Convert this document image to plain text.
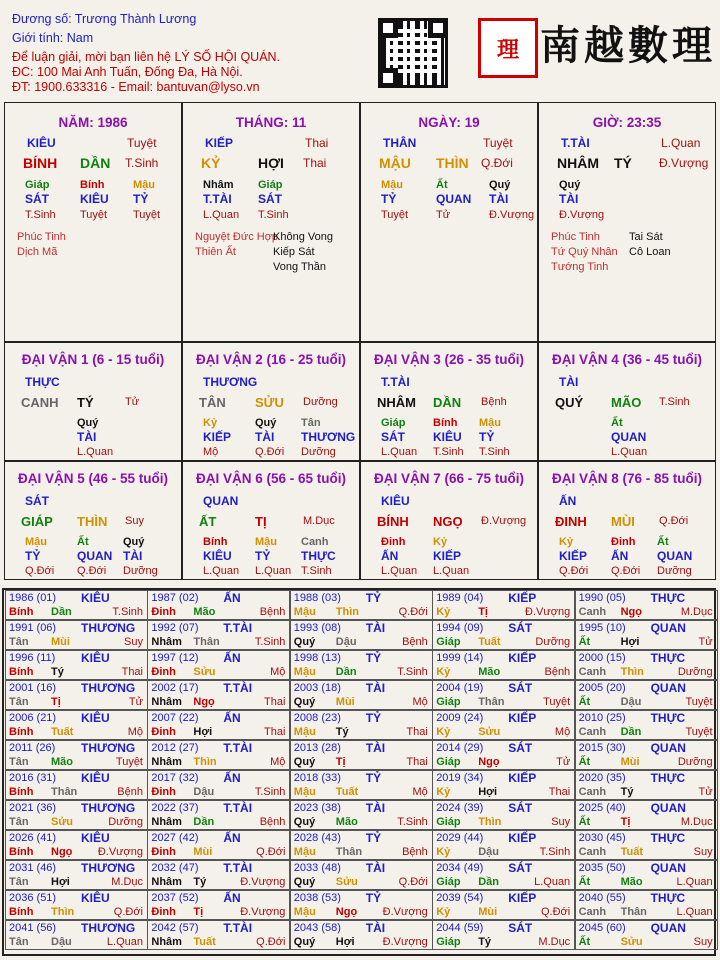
Đương số: Trương Thành Lương
Giới tính: Nam
Để luận giải, mời bạn liên hệ LÝ SỐ HỘI QUÁN.
ĐC: 100 Mai Anh Tuấn, Đống Đa, Hà Nội.
ĐT: 1900.633316 - Email: bantuvan@lyso.vn
理 南越數理
NĂM: 1986
KIÊU	Tuyệt
BÍNH DẦN T.Sinh
Giáp
SÁT
T.Sinh
Bính
KIÊU
Tuyệt
Mậu
TỶ
Tuyệt
Phúc Tinh
Dịch Mã
THÁNG: 11
KIẾP	Thai
KỶ	HỢI Thai
Nhâm
T.TÀI
L.Quan
Giáp
SÁT
T.Sinh
Nguyệt Đức Hợp
Thiên Ất
Không Vong
Kiếp Sát
Vong Thần
NGÀY: 19
THÂN	Tuyệt
MẬU THÌN Q.Đới
Mậu
TỶ
Tuyệt
Ất
QUAN
Tử
Quý
TÀI
Đ.Vượng
GIỜ: 23:35
T.TÀI	L.Quan
NHÂM TÝ Đ.Vượng
Quý
TÀI
Đ.Vượng
Phúc Tinh
Tứ Quý Nhân
Tướng Tinh
Tai Sát
Cô Loan
ĐẠI VẬN 1 (6 - 15 tuổi)
THỰC
CANH TÝ	Tử
Quý
TÀI
L.Quan
ĐẠI VẬN 2 (16 - 25 tuổi)
THƯƠNG
TÂN SỬU Dưỡng
Kỷ
KIẾP
Mộ
Quý
TÀI
Q.Đới
Tân
THƯƠNG
Dưỡng
ĐẠI VẬN 3 (26 - 35 tuổi)
T.TÀI
NHÂM DẦN Bệnh
Giáp
SÁT
L.Quan
Bính
KIÊU
T.Sinh
Mậu
TỶ
T.Sinh
ĐẠI VẬN 4 (36 - 45 tuổi)
TÀI
QUÝ MÃO T.Sinh
Ất
QUAN
L.Quan
ĐẠI VẬN 5 (46 - 55 tuổi)
SÁT
GIÁP THÌN Suy
Mậu
TỶ
Q.Đới
Ất
QUAN
Q.Đới
Quý
TÀI
Dưỡng
ĐẠI VẬN 6 (56 - 65 tuổi)
QUAN
ẤT	TỊ	M.Dục
Bính
KIÊU
L.Quan
Mậu
TỶ
L.Quan
Canh
THỰC
T.Sinh
ĐẠI VẬN 7 (66 - 75 tuổi)
KIÊU
BÍNH NGỌ Đ.Vượng
Đinh
ẤN
L.Quan
Kỷ
KIẾP
L.Quan
ĐẠI VẬN 8 (76 - 85 tuổi)
ẤN
ĐINH MÙI Q.Đới
Kỷ
KIẾP
Q.Đới
Đinh
ẤN
Q.Đới
Ất
QUAN
Dưỡng
1986 (01) KIÊU
Bính Dần	T.Sinh
1987 (02) ẤN
Đinh Mão	Bệnh
1988 (03) TỶ
Mậu Thìn	Q.Đới
1989 (04) KIẾP
Kỷ	Tị	Đ.Vượng
1990 (05) THỰC
Canh Ngọ	M.Dục
1991 (06) THƯƠNG
Tân Mùi	Suy
1992 (07) T.TÀI
Nhâm Thân	T.Sinh
1993 (08) TÀI
Quý Dậu	Bệnh
1994 (09) SÁT
Giáp Tuất	Dưỡng
1995 (10) QUAN
Ất	Hợi	Tử
1996 (11) KIÊU
Bính Tý	Thai
1997 (12) ẤN
Đinh Sửu	Mộ
1998 (13) TỶ
Mậu Dần	T.Sinh
1999 (14) KIẾP
Kỷ	Mão	Bệnh
2000 (15) THỰC
Canh Thìn	Dưỡng
2001 (16) THƯƠNG
Tân Tị	Tử
2002 (17) T.TÀI
Nhâm Ngọ	Thai
2003 (18) TÀI
Quý Mùi	Mộ
2004 (19) SÁT
Giáp Thân	Tuyệt
2005 (20) QUAN
Ất	Dậu	Tuyệt
2006 (21) KIÊU
Bính Tuất	Mộ
2007 (22) ẤN
Đinh Hợi	Thai
2008 (23) TỶ
Mậu Tý	Thai
2009 (24) KIẾP
Kỷ	Sửu	Mộ
2010 (25) THỰC
Canh Dần	Tuyệt
2011 (26) THƯƠNG
Tân Mão	Tuyệt
2012 (27) T.TÀI
Nhâm Thìn	Mộ
2013 (28) TÀI
Quý Tị	Thai
2014 (29) SÁT
Giáp Ngọ	Tử
2015 (30) QUAN
Ất	Mùi	Dưỡng
2016 (31) KIÊU
Bính Thân	Bệnh
2017 (32) ẤN
Đinh Dậu	T.Sinh
2018 (33) TỶ
Mậu Tuất	Mộ
2019 (34) KIẾP
Kỷ	Hợi	Thai
2020 (35) THỰC
Canh Tý	Tử
2021 (36) THƯƠNG
Tân Sửu	Dưỡng
2022 (37) T.TÀI
Nhâm Dần	Bệnh
2023 (38) TÀI
Quý Mão	T.Sinh
2024 (39) SÁT
Giáp Thìn	Suy
2025 (40) QUAN
Ất	Tị	M.Dục
2026 (41) KIÊU
Bính Ngọ Đ.Vượng
2027 (42) ẤN
Đinh Mùi	Q.Đới
2028 (43) TỶ
Mậu Thân	Bệnh
2029 (44) KIẾP
Kỷ	Dậu	T.Sinh
2030 (45) THỰC
Canh Tuất	Suy
2031 (46) THƯƠNG
Tân Hợi	M.Dục
2032 (47) T.TÀI
Nhâm Tý	Đ.Vượng
2033 (48) TÀI
Quý Sửu	Q.Đới
2034 (49) SÁT
Giáp Dần	L.Quan
2035 (50) QUAN
Ất	Mão	L.Quan
2036 (51) KIÊU
Bính Thìn	Q.Đới
2037 (52) ẤN
Đinh Tị	Đ.Vượng
2038 (53) TỶ
Mậu Ngọ Đ.Vượng
2039 (54) KIẾP
Kỷ	Mùi	Q.Đới
2040 (55) THỰC
Canh Thân	L.Quan
2041 (56) THƯƠNG
Tân Dậu	L.Quan
2042 (57) T.TÀI
Nhâm Tuất	Q.Đới
2043 (58) TÀI
Quý Hợi	Đ.Vượng
2044 (59) SÁT
Giáp Tý	M.Dục
2045 (60) QUAN
Ất	Sửu	Suy
